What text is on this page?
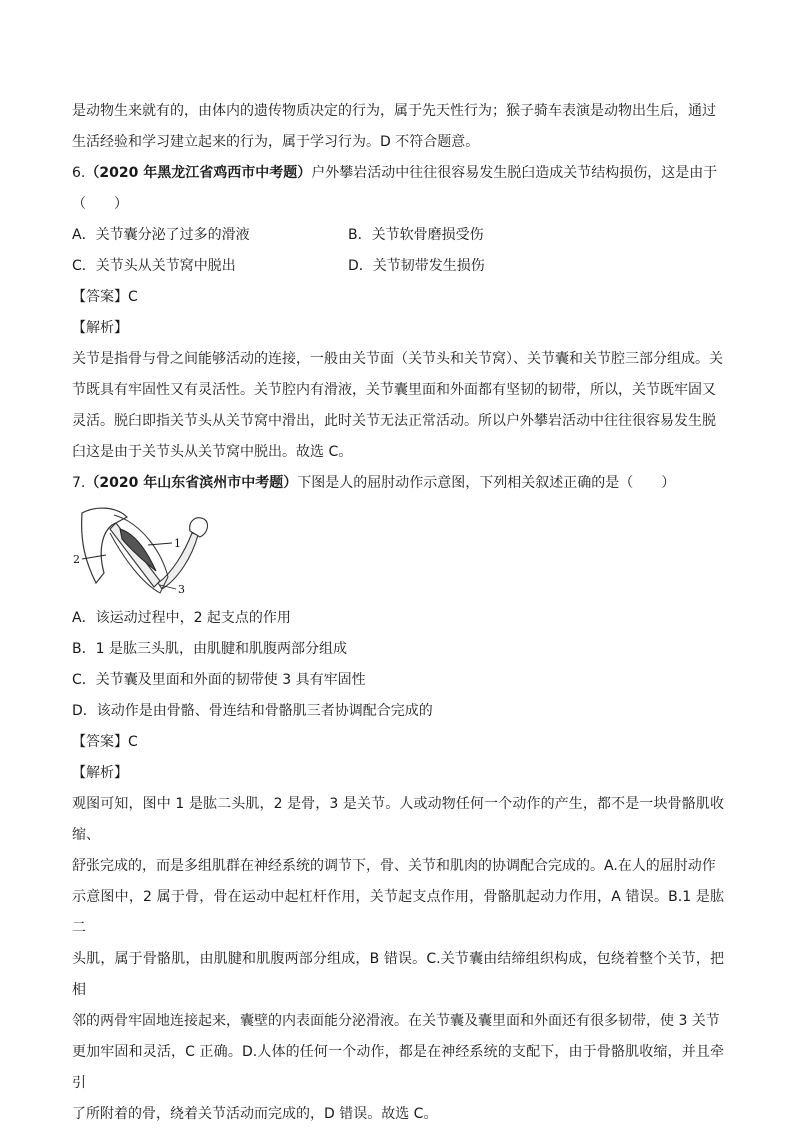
是动物生来就有的，由体内的遗传物质决定的行为，属于先天性行为；猴子骑车表演是动物出生后，通过

生活经验和学习建立起来的行为，属于学习行为。D 不符合题意。

6.（2020 年黑龙江省鸡西市中考题）户外攀岩活动中往往很容易发生脱臼造成关节结构损伤，这是由于

（　　）

A．关节囊分泌了过多的滑液	B．关节软骨磨损受伤
C．关节头从关节窝中脱出	D．关节韧带发生损伤
【答案】C
【解析】

关节是指骨与骨之间能够活动的连接，一般由关节面（关节头和关节窝）、关节囊和关节腔三部分组成。关

节既具有牢固性又有灵活性。关节腔内有滑液，关节囊里面和外面都有坚韧的韧带，所以，关节既牢固又

灵活。脱臼即指关节头从关节窝中滑出，此时关节无法正常活动。所以户外攀岩活动中往往很容易发生脱

臼这是由于关节头从关节窝中脱出。故选 C。

7.（2020 年山东省滨州市中考题）下图是人的屈肘动作示意图，下列相关叙述正确的是（　　）

1
2
3
A．该运动过程中，2 起支点的作用
B．1 是肱三头肌，由肌腱和肌腹两部分组成
C．关节囊及里面和外面的韧带使 3 具有牢固性
D．该动作是由骨骼、骨连结和骨骼肌三者协调配合完成的
【答案】C
【解析】

观图可知，图中 1 是肱二头肌，2 是骨，3 是关节。人或动物任何一个动作的产生，都不是一块骨骼肌收缩、

舒张完成的，而是多组肌群在神经系统的调节下，骨、关节和肌肉的协调配合完成的。A.在人的屈肘动作

示意图中，2 属于骨，骨在运动中起杠杆作用，关节起支点作用，骨骼肌起动力作用，A 错误。B.1 是肱二

头肌，属于骨骼肌，由肌腱和肌腹两部分组成，B 错误。C.关节囊由结缔组织构成，包绕着整个关节，把相

邻的两骨牢固地连接起来，囊壁的内表面能分泌滑液。在关节囊及囊里面和外面还有很多韧带，使 3 关节

更加牢固和灵活，C 正确。D.人体的任何一个动作，都是在神经系统的支配下，由于骨骼肌收缩，并且牵引

了所附着的骨，绕着关节活动而完成的，D 错误。故选 C。
